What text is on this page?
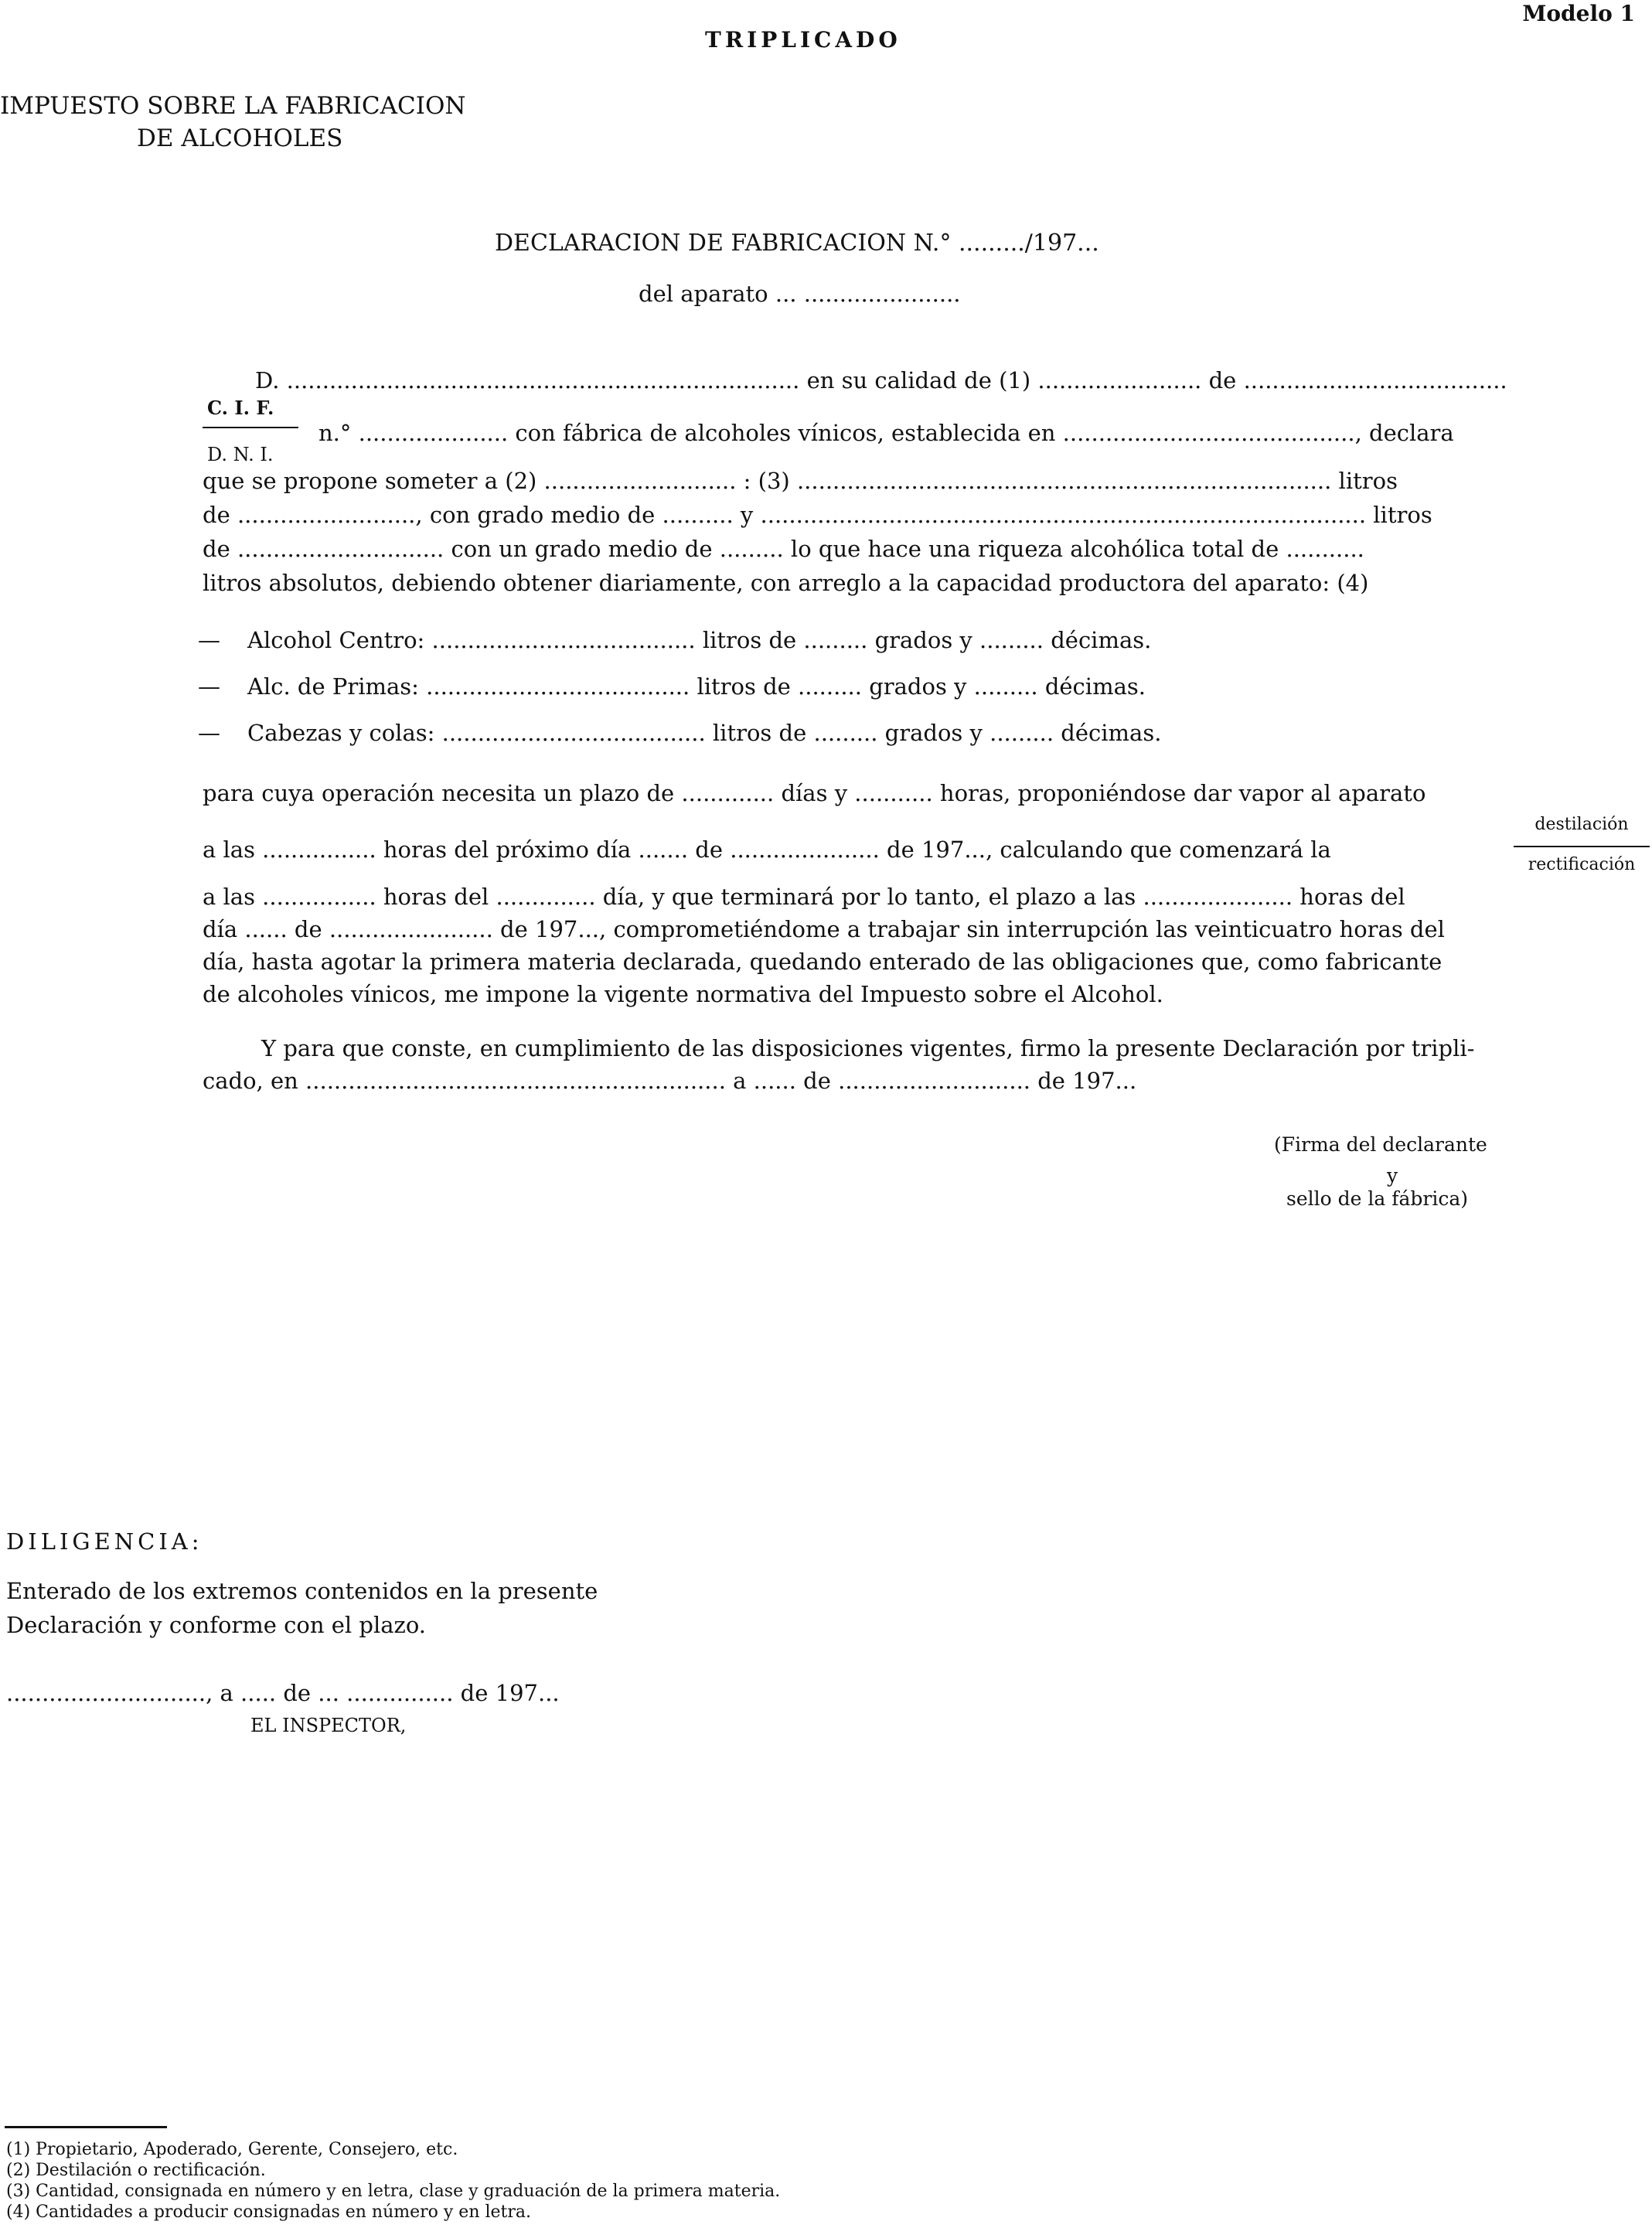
Modelo 1
TRIPLICADO
IMPUESTO SOBRE LA FABRICACION
DE ALCOHOLES
DECLARACION DE FABRICACION N.° ........./197...
del aparato ... ......................
D. ........................................................................ en su calidad de (1) ....................... de .....................................
C. I. F.
D. N. I.
n.° ..................... con fábrica de alcoholes vínicos, establecida en ........................................., declara
que se propone someter a (2) ........................... : (3) ........................................................................... litros
de ........................., con grado medio de .......... y ..................................................................................... litros
de ............................. con un grado medio de ......... lo que hace una riqueza alcohólica total de ...........
litros absolutos, debiendo obtener diariamente, con arreglo a la capacidad productora del aparato: (4)
— Alcohol Centro: ..................................... litros de ......... grados y ......... décimas.
— Alc. de Primas: ..................................... litros de ......... grados y ......... décimas.
— Cabezas y colas: ..................................... litros de ......... grados y ......... décimas.
para cuya operación necesita un plazo de ............. días y ........... horas, proponiéndose dar vapor al aparato
a las ................ horas del próximo día ....... de ..................... de 197..., calculando que comenzará la
destilación
rectificación
a las ................ horas del .............. día, y que terminará por lo tanto, el plazo a las ..................... horas del
día ...... de ....................... de 197..., comprometiéndome a trabajar sin interrupción las veinticuatro horas del
día, hasta agotar la primera materia declarada, quedando enterado de las obligaciones que, como fabricante
de alcoholes vínicos, me impone la vigente normativa del Impuesto sobre el Alcohol.
Y para que conste, en cumplimiento de las disposiciones vigentes, firmo la presente Declaración por tripli-
cado, en ........................................................... a ...... de ........................... de 197...
(Firma del declarante
y
sello de la fábrica)
DILIGENCIA:
Enterado de los extremos contenidos en la presente
Declaración y conforme con el plazo.
............................, a ..... de ... ............... de 197...
EL INSPECTOR,
(1) Propietario, Apoderado, Gerente, Consejero, etc.
(2) Destilación o rectificación.
(3) Cantidad, consignada en número y en letra, clase y graduación de la primera materia.
(4) Cantidades a producir consignadas en número y en letra.
